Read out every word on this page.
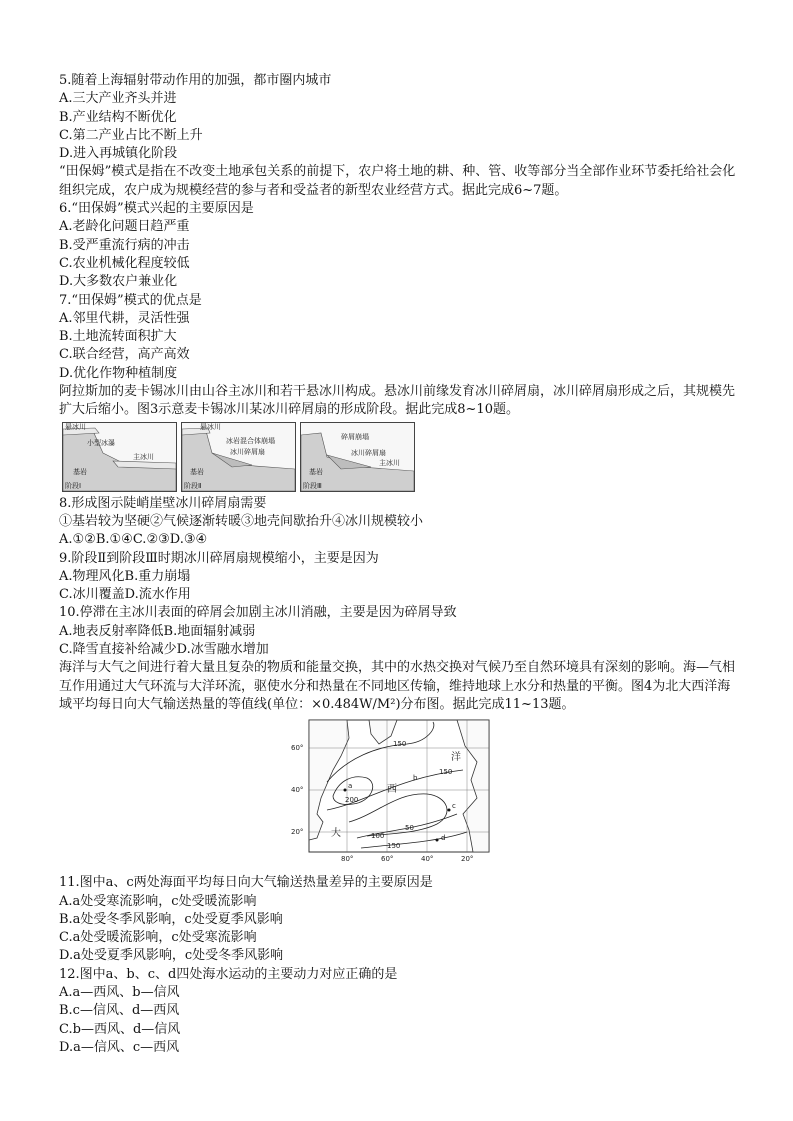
5.随着上海辐射带动作用的加强，都市圈内城市
A.三大产业齐头并进
B.产业结构不断优化
C.第二产业占比不断上升
D.进入再城镇化阶段
“田保姆”模式是指在不改变土地承包关系的前提下，农户将土地的耕、种、管、收等部分当全部作业环节委托给社会化组织完成，农户成为规模经营的参与者和受益者的新型农业经营方式。据此完成6~7题。
6.“田保姆”模式兴起的主要原因是
A.老龄化问题日趋严重
B.受严重流行病的冲击
C.农业机械化程度较低
D.大多数农户兼业化
7.“田保姆”模式的优点是
A.邻里代耕，灵活性强
B.土地流转面积扩大
C.联合经营，高产高效
D.优化作物种植制度
阿拉斯加的麦卡锡冰川由山谷主冰川和若干悬冰川构成。悬冰川前缘发育冰川碎屑扇，冰川碎屑扇形成之后，其规模先扩大后缩小。图3示意麦卡锡冰川某冰川碎屑扇的形成阶段。据此完成8~10题。
悬冰川
小型冰瀑
主冰川
基岩
阶段Ⅰ
悬冰川
冰岩混合体崩塌
冰川碎屑扇
基岩
阶段Ⅱ
碎屑崩塌
冰川碎屑扇
主冰川
基岩
阶段Ⅲ
8.形成图示陡峭崖壁冰川碎屑扇需要
①基岩较为坚硬②气候逐渐转暖③地壳间歇抬升④冰川规模较小
A.①②B.①④C.②③D.③④
9.阶段Ⅱ到阶段Ⅲ时期冰川碎屑扇规模缩小，主要是因为
A.物理风化B.重力崩塌
C.冰川覆盖D.流水作用
10.停滞在主冰川表面的碎屑会加剧主冰川消融，主要是因为碎屑导致
A.地表反射率降低B.地面辐射减弱
C.降雪直接补给减少D.冰雪融水增加
海洋与大气之间进行着大量且复杂的物质和能量交换，其中的水热交换对气候乃至自然环境具有深刻的影响。海—气相互作用通过大气环流与大洋环流，驱使水分和热量在不同地区传输，维持地球上水分和热量的平衡。图4为北大西洋海域平均每日向大气输送热量的等值线(单位：×0.484W/M²)分布图。据此完成11~13题。
60°
40°
20°
80°	60°	40°	20°
150
200
150
100
50
150
a
b
c
d
洋
西
大
11.图中a、c两处海面平均每日向大气输送热量差异的主要原因是
A.a处受寒流影响，c处受暖流影响
B.a处受冬季风影响，c处受夏季风影响
C.a处受暖流影响，c处受寒流影响
D.a处受夏季风影响，c处受冬季风影响
12.图中a、b、c、d四处海水运动的主要动力对应正确的是
A.a—西风、b—信风
B.c—信风、d—西风
C.b—西风、d—信风
D.a—信风、c—西风
